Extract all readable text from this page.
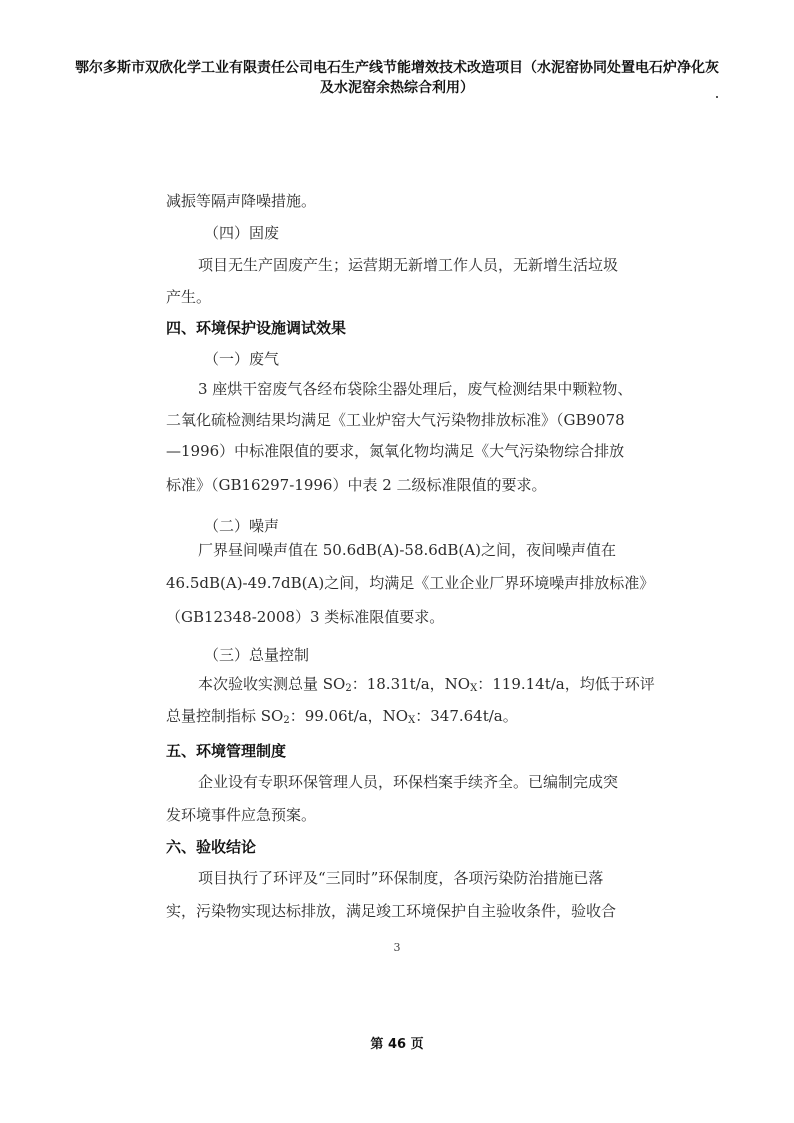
鄂尔多斯市双欣化学工业有限责任公司电石生产线节能增效技术改造项目（水泥窑协同处置电石炉净化灰
及水泥窑余热综合利用）
减振等隔声降噪措施。
（四）固废
项目无生产固废产生；运营期无新增工作人员，无新增生活垃圾
产生。
四、环境保护设施调试效果
（一）废气
3 座烘干窑废气各经布袋除尘器处理后，废气检测结果中颗粒物、
二氧化硫检测结果均满足《工业炉窑大气污染物排放标准》（GB9078
—1996）中标准限值的要求，氮氧化物均满足《大气污染物综合排放
标准》（GB16297-1996）中表 2 二级标准限值的要求。
（二）噪声
厂界昼间噪声值在 50.6dB(A)-58.6dB(A)之间，夜间噪声值在
46.5dB(A)-49.7dB(A)之间，均满足《工业企业厂界环境噪声排放标准》
（GB12348-2008）3 类标准限值要求。
（三）总量控制
本次验收实测总量 $SO_2$：18.31t/a，$NO_X$：119.14t/a，均低于环评
总量控制指标 $SO_2$：99.06t/a，$NO_X$：347.64t/a。
五、环境管理制度
企业设有专职环保管理人员，环保档案手续齐全。已编制完成突
发环境事件应急预案。
六、验收结论
项目执行了环评及“三同时”环保制度，各项污染防治措施已落
实，污染物实现达标排放，满足竣工环境保护自主验收条件，验收合
3
第 46 页
